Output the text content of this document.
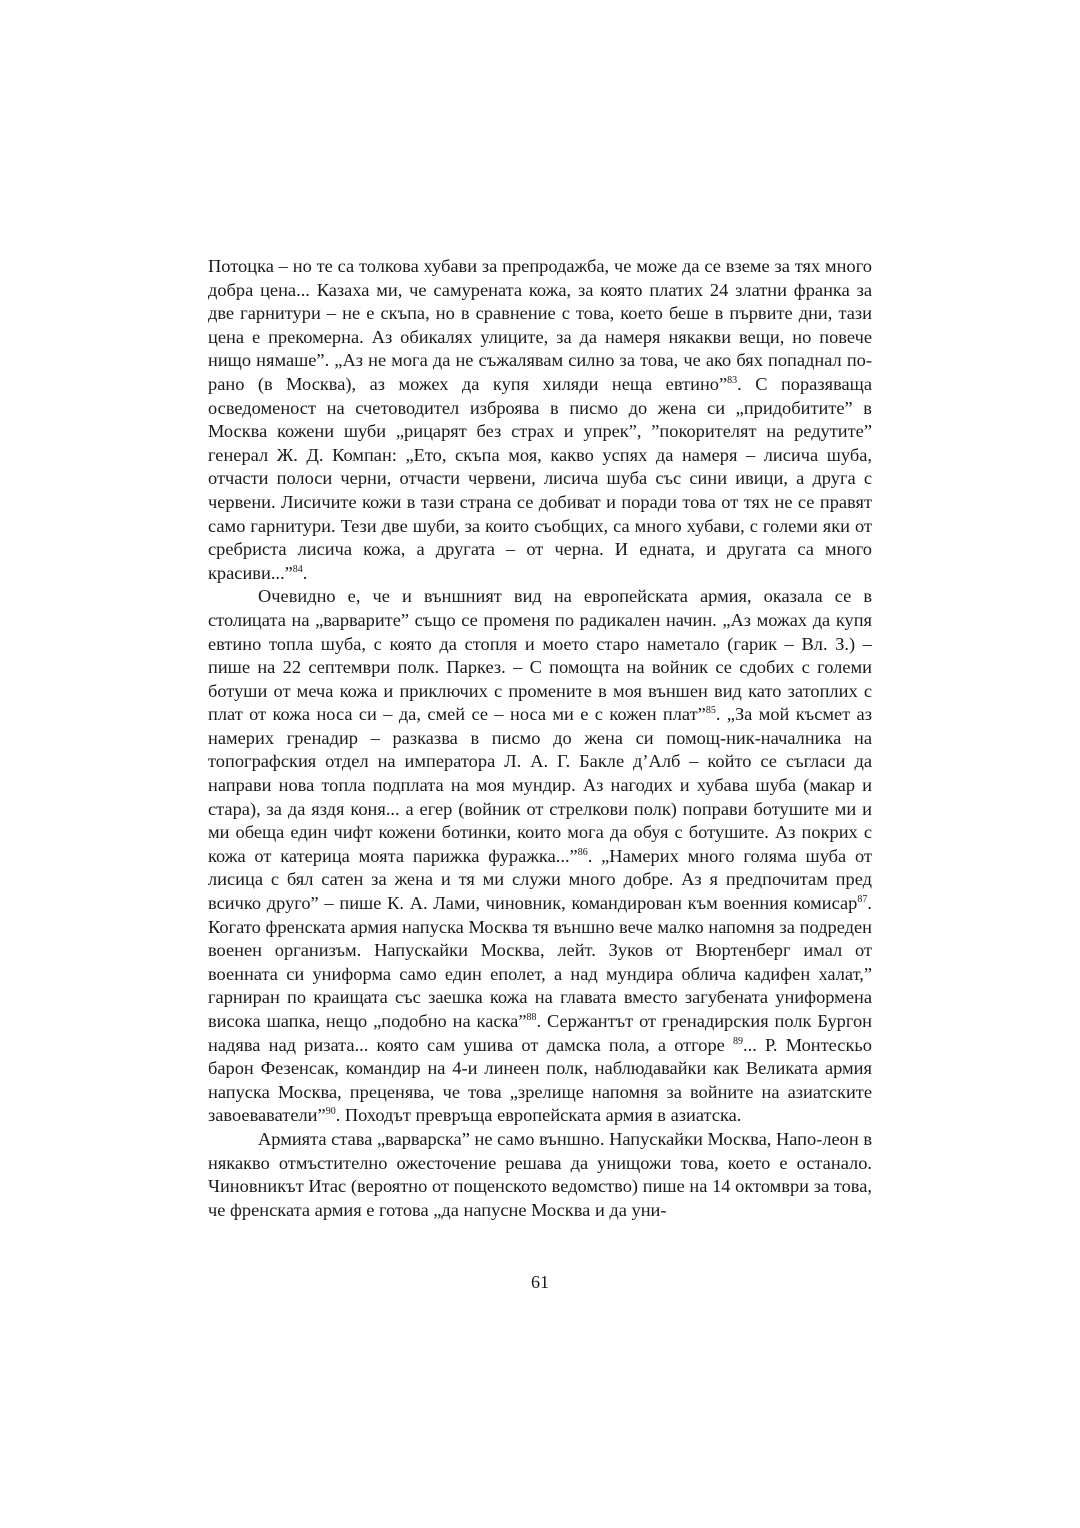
Потоцка – но те са толкова хубави за препродажба, че може да се вземе за тях много добра цена... Казаха ми, че самурената кожа, за която платих 24 златни франка за две гарнитури – не е скъпа, но в сравнение с това, което беше в първите дни, тази цена е прекомерна. Аз обикалях улиците, за да намеря някакви вещи, но повече нищо нямаше”. „Аз не мога да не съжалявам силно за това, че ако бях попаднал по-рано (в Москва), аз можех да купя хиляди неща евтино”$^{83}$. С поразяваща осведоменост на счетоводител изброява в писмо до жена си „придобитите” в Москва кожени шуби „рицарят без страх и упрек”, ”покорителят на редутите” генерал Ж. Д. Компан: „Ето, скъпа моя, какво успях да намеря – лисича шуба, отчасти полоси черни, отчасти червени, лисича шуба със сини ивици, а друга с червени. Лисичите кожи в тази страна се добиват и поради това от тях не се правят само гарнитури. Тези две шуби, за които съобщих, са много хубави, с големи яки от сребриста лисича кожа, а другата – от черна. И едната, и другата са много красиви...”$^{84}$.

Очевидно е, че и външният вид на европейската армия, оказала се в столицата на „варварите” също се променя по радикален начин. „Аз можах да купя евтино топла шуба, с която да стопля и моето старо наметало (гарик – Вл. З.) – пише на 22 септември полк. Паркез. – С помощта на войник се сдобих с големи ботуши от меча кожа и приключих с промените в моя външен вид като затоплих с плат от кожа носа си – да, смей се – носа ми е с кожен плат”$^{85}$. „За мой късмет аз намерих гренадир – разказва в писмо до жена си помощ-ник-началника на топографския отдел на императора Л. А. Г. Бакле д’Алб – който се съгласи да направи нова топла подплата на моя мундир. Аз нагодих и хубава шуба (макар и стара), за да яздя коня... а егер (войник от стрелкови полк) поправи ботушите ми и ми обеща един чифт кожени ботинки, които мога да обуя с ботушите. Аз покрих с кожа от катерица моята парижка фуражка...”$^{86}$. „Намерих много голяма шуба от лисица с бял сатен за жена и тя ми служи много добре. Аз я предпочитам пред всичко друго” – пише К. А. Лами, чиновник, командирован към военния комисар$^{87}$. Когато френската армия напуска Москва тя външно вече малко напомня за подреден военен организъм. Напускайки Москва, лейт. Зуков от Вюртенберг имал от военната си униформа само един еполет, а над мундира облича кадифен халат,” гарниран по краищата със заешка кожа на главата вместо загубената униформена висока шапка, нещо „подобно на каска”$^{88}$. Сержантът от гренадирския полк Бургон надява над ризата... която сам ушива от дамска пола, а отгоре $^{89}$... Р. Монтескьо барон Фезенсак, командир на 4-и линеен полк, наблюдавайки как Великата армия напуска Москва, преценява, че това „зрелище напомня за войните на азиатските завоеваватели”$^{90}$. Походът превръща европейската армия в азиатска.

Армията става „варварска” не само външно. Напускайки Москва, Напо-леон в някакво отмъстително ожесточение решава да унищожи това, което е останало. Чиновникът Итас (вероятно от пощенското ведомство) пише на 14 октомври за това, че френската армия е готова „да напусне Москва и да уни-

61
